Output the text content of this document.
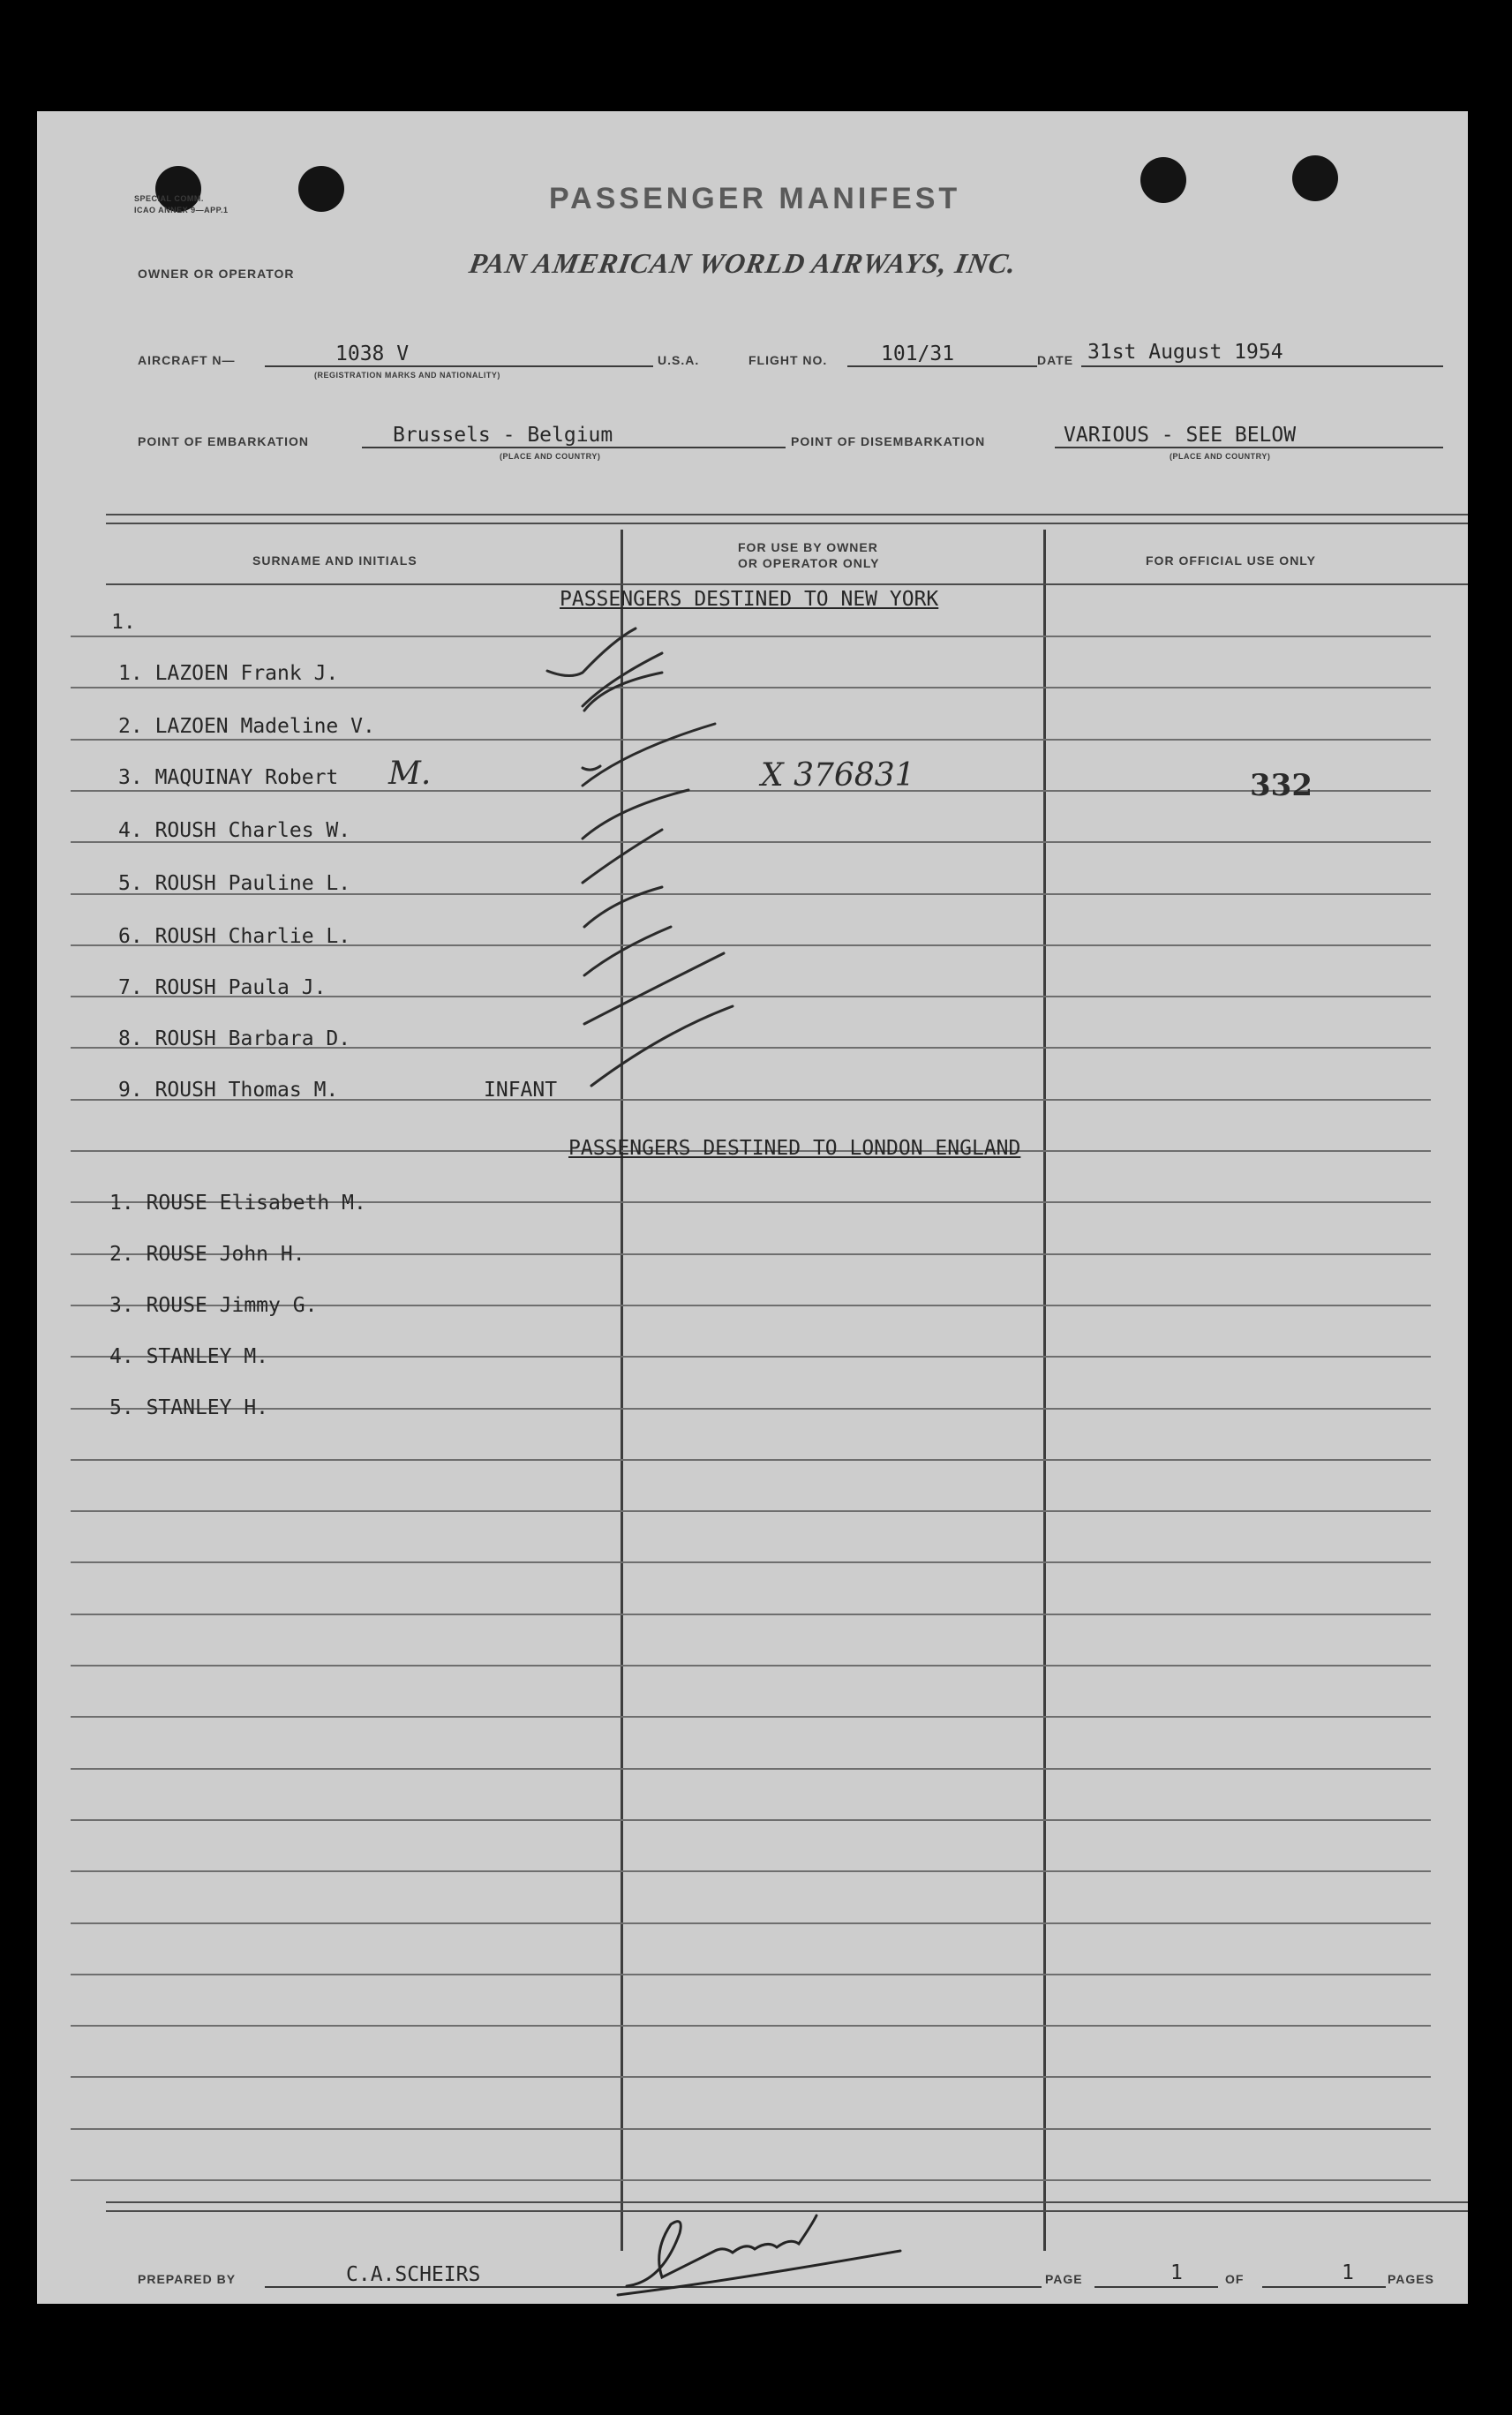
SPECIAL COMM.
ICAO ANNEX 9—APP.1	PASSENGER MANIFEST
OWNER OR OPERATOR	PAN AMERICAN WORLD AIRWAYS, INC.
AIRCRAFT N—	1038 V
(REGISTRATION MARKS AND NATIONALITY)
U.S.A.	FLIGHT NO.	101/31	DATE 31st August 1954
POINT OF EMBARKATION	Brussels - Belgium
(PLACE AND COUNTRY)
POINT OF DISEMBARKATION	VARIOUS - SEE BELOW
(PLACE AND COUNTRY)
SURNAME AND INITIALS
FOR USE BY OWNER
OR OPERATOR ONLY	FOR OFFICIAL USE ONLY
PASSENGERS DESTINED TO NEW YORK
1.
1. LAZOEN Frank J.
2. LAZOEN Madeline V.
3. MAQUINAY Robert M.	X 376831	332
4. ROUSH Charles W.
5. ROUSH Pauline L.
6. ROUSH Charlie L.
7. ROUSH Paula J.
8. ROUSH Barbara D.
9. ROUSH Thomas M.	INFANT
PASSENGERS DESTINED TO LONDON ENGLAND
1. ROUSE Elisabeth M.
2. ROUSE John H.
3. ROUSE Jimmy G.
4. STANLEY M.
5. STANLEY H.
PREPARED BY	C.A.SCHEIRS	PAGE	1	OF	1	PAGES
